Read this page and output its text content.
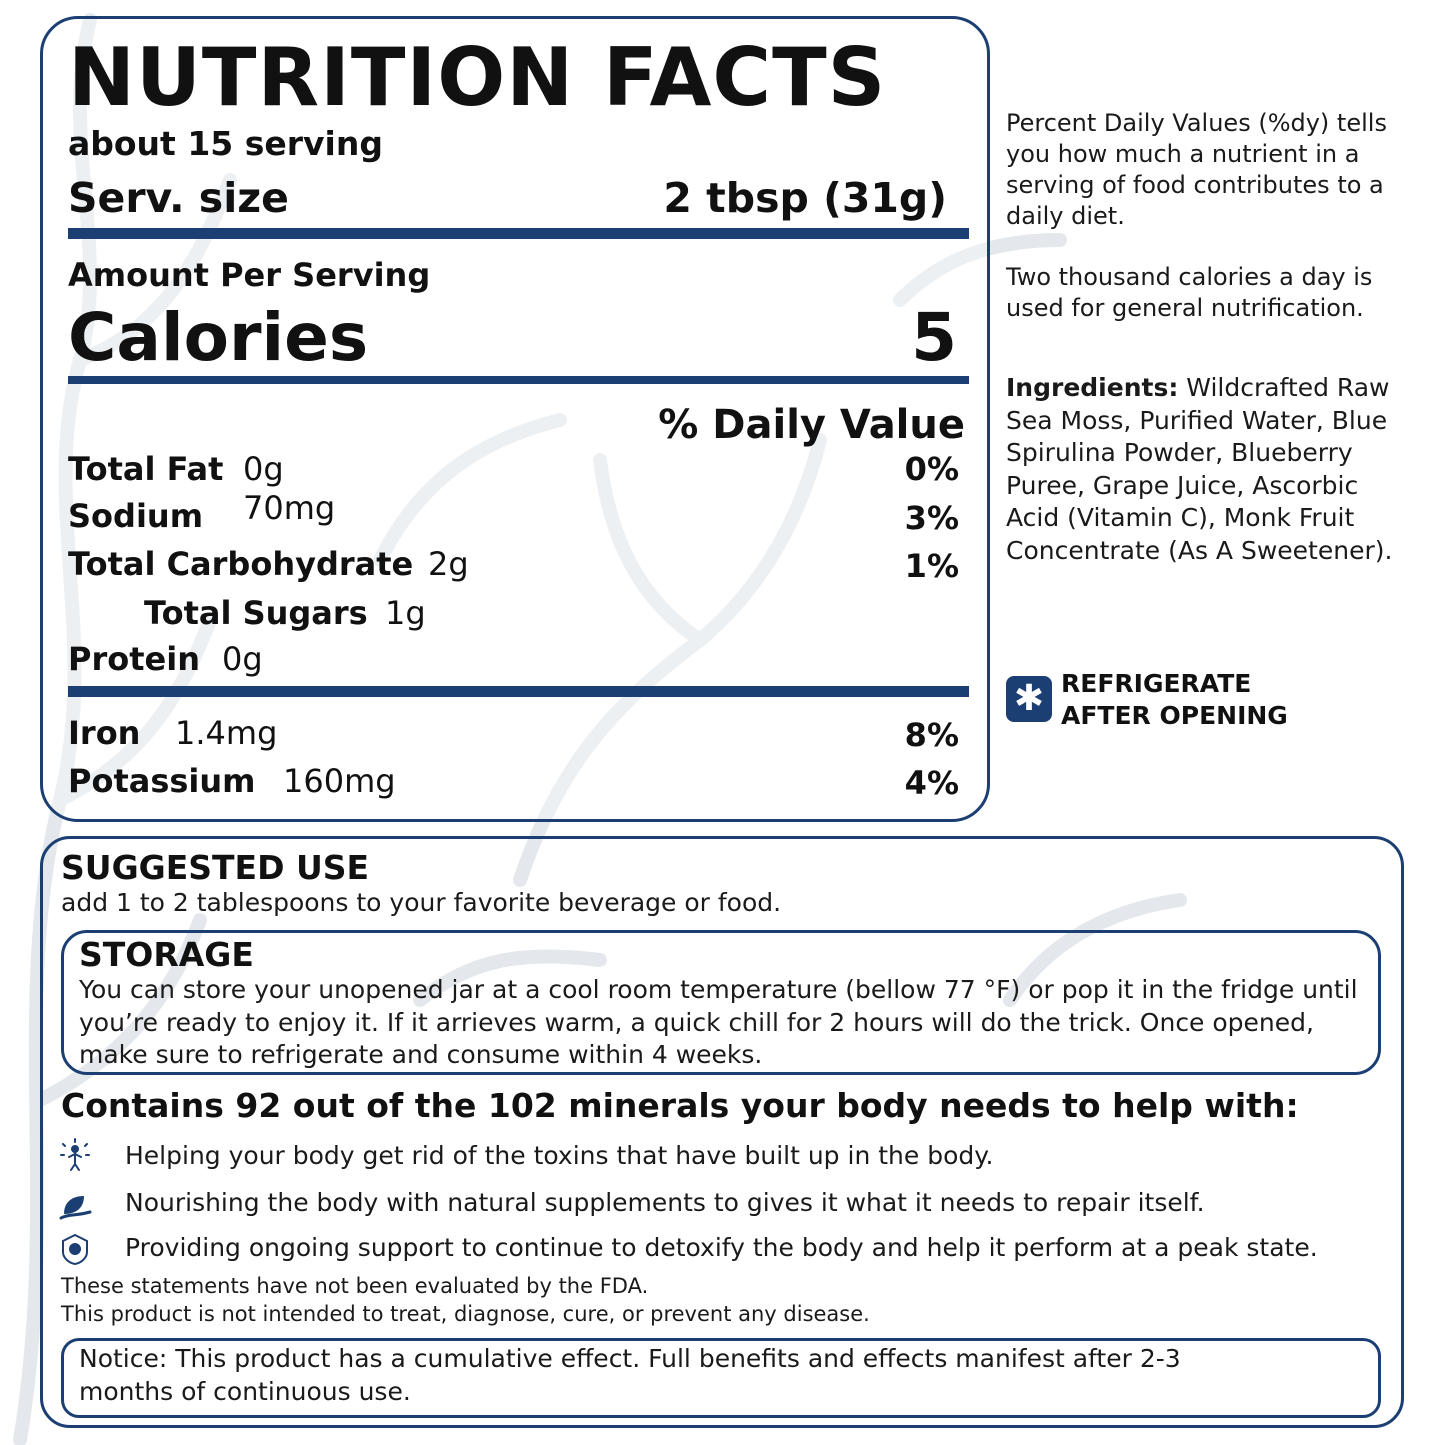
NUTRITION FACTS
about 15 serving
Serv. size	2 tbsp (31g)
Amount Per Serving
Calories	5
% Daily Value
Total Fat 0g	0%
Sodium 70mg	3%
Total Carbohydrate 2g	1%
Total Sugars 1g
Protein 0g
Iron 1.4mg	8%
Potassium 160mg	4%
Percent Daily Values (%dy) tells you how much a nutrient in a serving of food contributes to a daily diet.
Two thousand calories a day is used for general nutrification.
Ingredients: Wildcrafted Raw Sea Moss, Purified Water, Blue Spirulina Powder, Blueberry Puree, Grape Juice, Ascorbic Acid (Vitamin C), Monk Fruit Concentrate (As A Sweetener).
✱ REFRIGERATE
AFTER OPENING
SUGGESTED USE
add 1 to 2 tablespoons to your favorite beverage or food.
STORAGE
You can store your unopened jar at a cool room temperature (bellow 77 °F) or pop it in the fridge until you’re ready to enjoy it. If it arrieves warm, a quick chill for 2 hours will do the trick. Once opened, make sure to refrigerate and consume within 4 weeks.
Contains 92 out of the 102 minerals your body needs to help with:
Helping your body get rid of the toxins that have built up in the body.
Nourishing the body with natural supplements to gives it what it needs to repair itself.
Providing ongoing support to continue to detoxify the body and help it perform at a peak state.
These statements have not been evaluated by the FDA.
This product is not intended to treat, diagnose, cure, or prevent any disease.
Notice: This product has a cumulative effect. Full benefits and effects manifest after 2-3 months of continuous use.
